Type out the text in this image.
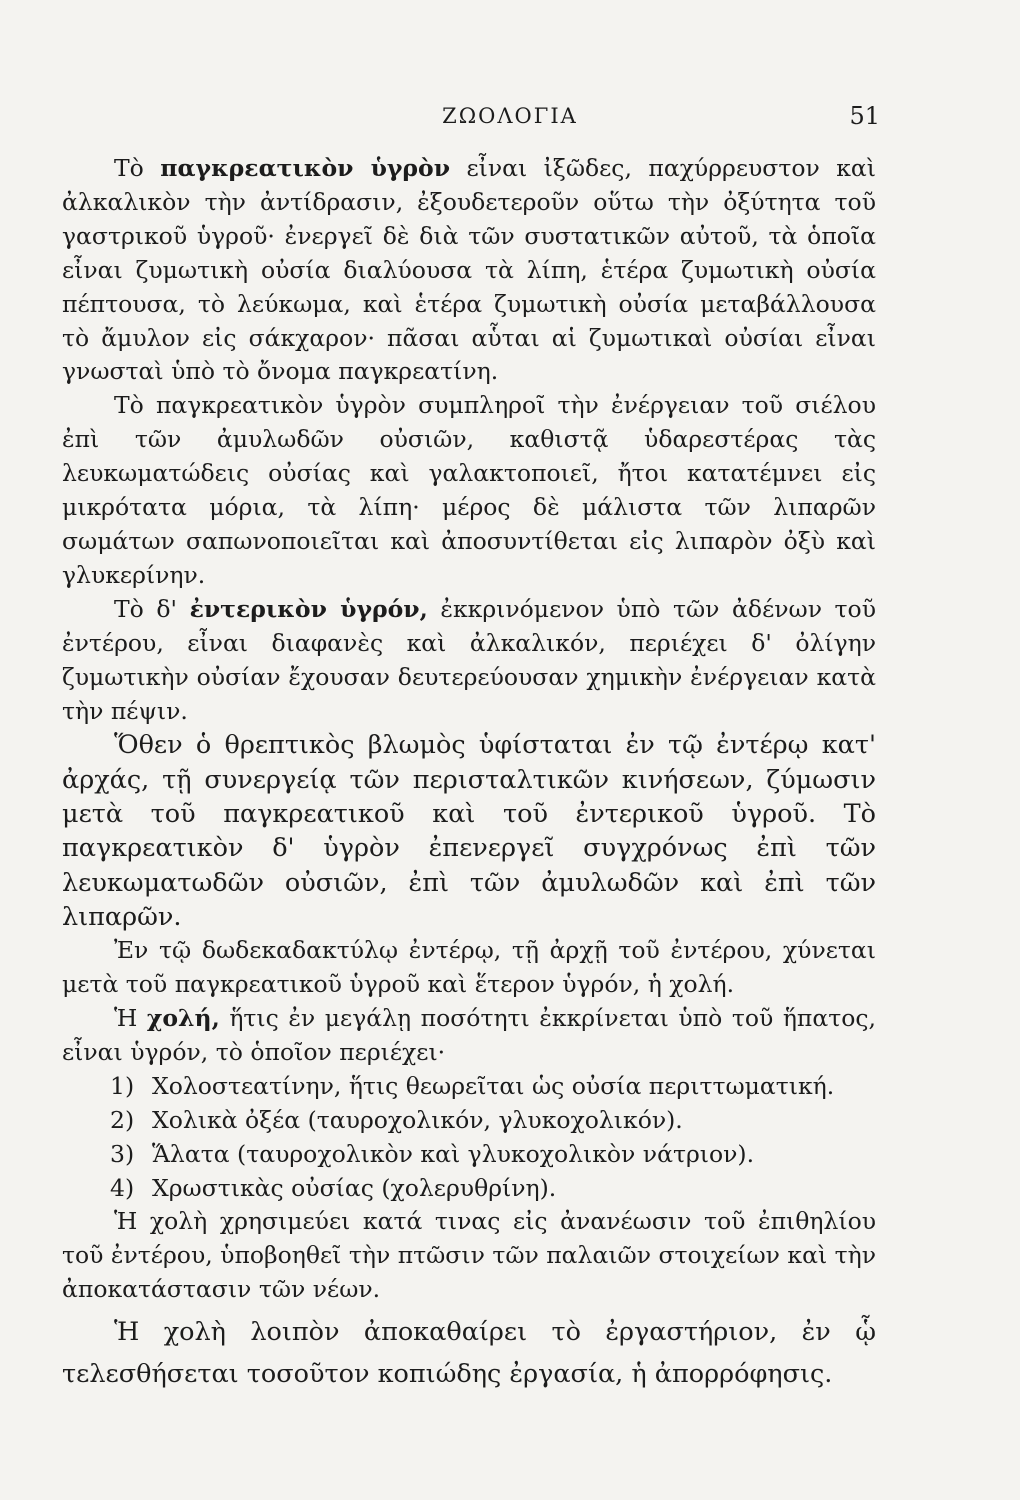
ΖΩΟΛΟΓΙΑ	51

Τὸ παγκρεατικὸν ὑγρὸν εἶναι ἰξῶδες, παχύρρευστον καὶ ἀλκαλικὸν τὴν ἀντίδρασιν, ἐξουδετεροῦν οὕτω τὴν ὀξύτητα τοῦ γαστρικοῦ ὑγροῦ· ἐνεργεῖ δὲ διὰ τῶν συστατικῶν αὐτοῦ, τὰ ὁποῖα εἶναι ζυμωτικὴ οὐσία διαλύουσα τὰ λίπη, ἑτέρα ζυμωτικὴ οὐσία πέπτουσα, τὸ λεύκωμα, καὶ ἑτέρα ζυμωτικὴ οὐσία μεταβάλλουσα τὸ ἄμυλον εἰς σάκχαρον· πᾶσαι αὗται αἱ ζυμωτικαὶ οὐσίαι εἶναι γνωσταὶ ὑπὸ τὸ ὄνομα παγκρεατίνη.

Τὸ παγκρεατικὸν ὑγρὸν συμπληροῖ τὴν ἐνέργειαν τοῦ σιέλου ἐπὶ τῶν ἀμυλωδῶν οὐσιῶν, καθιστᾷ ὑδαρεστέρας τὰς λευκωματώδεις οὐσίας καὶ γαλακτοποιεῖ, ἤτοι κατατέμνει εἰς μικρότατα μόρια, τὰ λίπη· μέρος δὲ μάλιστα τῶν λιπαρῶν σωμάτων σαπωνοποιεῖται καὶ ἀποσυντίθεται εἰς λιπαρὸν ὀξὺ καὶ γλυκερίνην.

Τὸ δ' ἐντερικὸν ὑγρόν, ἐκκρινόμενον ὑπὸ τῶν ἀδένων τοῦ ἐντέρου, εἶναι διαφανὲς καὶ ἀλκαλικόν, περιέχει δ' ὀλίγην ζυμωτικὴν οὐσίαν ἔχουσαν δευτερεύουσαν χημικὴν ἐνέργειαν κατὰ τὴν πέψιν.

Ὅθεν ὁ θρεπτικὸς βλωμὸς ὑφίσταται ἐν τῷ ἐντέρῳ κατ' ἀρχάς, τῇ συνεργείᾳ τῶν περισταλτικῶν κινήσεων, ζύμωσιν μετὰ τοῦ παγκρεατικοῦ καὶ τοῦ ἐντερικοῦ ὑγροῦ. Τὸ παγκρεατικὸν δ' ὑγρὸν ἐπενεργεῖ συγχρόνως ἐπὶ τῶν λευκωματωδῶν οὐσιῶν, ἐπὶ τῶν ἀμυλωδῶν καὶ ἐπὶ τῶν λιπαρῶν.

Ἐν τῷ δωδεκαδακτύλῳ ἐντέρῳ, τῇ ἀρχῇ τοῦ ἐντέρου, χύνεται μετὰ τοῦ παγκρεατικοῦ ὑγροῦ καὶ ἕτερον ὑγρόν, ἡ χολή.

Ἡ χολή, ἥτις ἐν μεγάλῃ ποσότητι ἐκκρίνεται ὑπὸ τοῦ ἥπατος, εἶναι ὑγρόν, τὸ ὁποῖον περιέχει·

1) Χολοστεατίνην, ἥτις θεωρεῖται ὡς οὐσία περιττωματική.
2) Χολικὰ ὀξέα (ταυροχολικόν, γλυκοχολικόν).
3) Ἅλατα (ταυροχολικὸν καὶ γλυκοχολικὸν νάτριον).
4) Χρωστικὰς οὐσίας (χολερυθρίνη).

Ἡ χολὴ χρησιμεύει κατά τινας εἰς ἀνανέωσιν τοῦ ἐπιθηλίου τοῦ ἐντέρου, ὑποβοηθεῖ τὴν πτῶσιν τῶν παλαιῶν στοιχείων καὶ τὴν ἀποκατάστασιν τῶν νέων.

Ἡ χολὴ λοιπὸν ἀποκαθαίρει τὸ ἐργαστήριον, ἐν ᾧ τελεσθήσεται τοσοῦτον κοπιώδης ἐργασία, ἡ ἀπορρόφησις.
